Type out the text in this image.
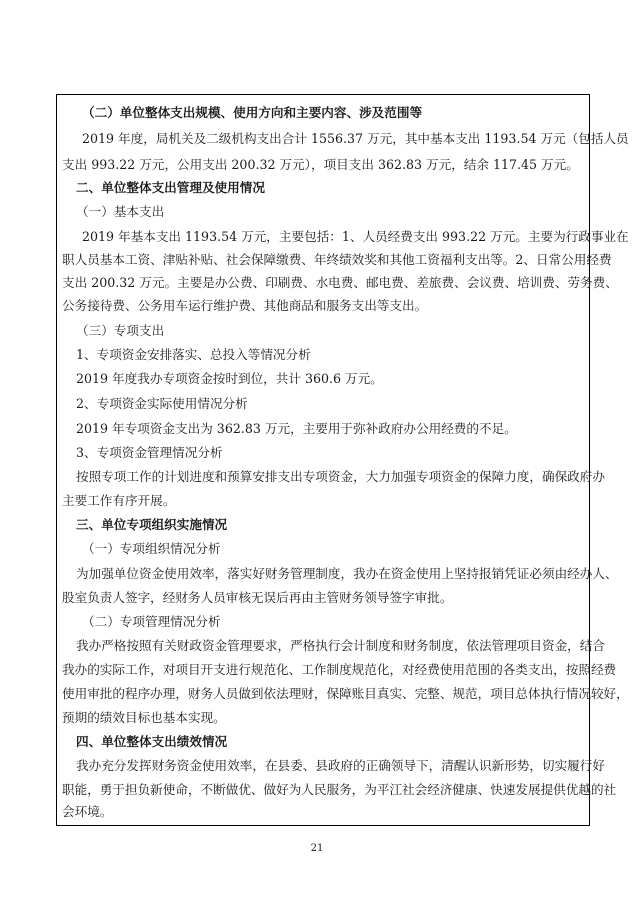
（二）单位整体支出规模、使用方向和主要内容、涉及范围等
2019 年度，局机关及二级机构支出合计 1556.37 万元，其中基本支出 1193.54 万元（包括人员
支出 993.22 万元，公用支出 200.32 万元），项目支出 362.83 万元，结余 117.45 万元。
二、单位整体支出管理及使用情况
（一）基本支出
2019 年基本支出 1193.54 万元，主要包括：1、人员经费支出 993.22 万元。主要为行政事业在
职人员基本工资、津贴补贴、社会保障缴费、年终绩效奖和其他工资福利支出等。2、日常公用经费
支出 200.32 万元。主要是办公费、印刷费、水电费、邮电费、差旅费、会议费、培训费、劳务费、
公务接待费、公务用车运行维护费、其他商品和服务支出等支出。
（三）专项支出
1、专项资金安排落实、总投入等情况分析
2019 年度我办专项资金按时到位，共计 360.6 万元。
2、专项资金实际使用情况分析
2019 年专项资金支出为 362.83 万元，主要用于弥补政府办公用经费的不足。
3、专项资金管理情况分析
按照专项工作的计划进度和预算安排支出专项资金，大力加强专项资金的保障力度，确保政府办
主要工作有序开展。
三、单位专项组织实施情况
（一）专项组织情况分析
为加强单位资金使用效率，落实好财务管理制度，我办在资金使用上坚持报销凭证必须由经办人、
股室负责人签字，经财务人员审核无误后再由主管财务领导签字审批。
（二）专项管理情况分析
我办严格按照有关财政资金管理要求，严格执行会计制度和财务制度，依法管理项目资金，结合
我办的实际工作，对项目开支进行规范化、工作制度规范化，对经费使用范围的各类支出，按照经费
使用审批的程序办理，财务人员做到依法理财，保障账目真实、完整、规范，项目总体执行情况较好，
预期的绩效目标也基本实现。
四、单位整体支出绩效情况
我办充分发挥财务资金使用效率，在县委、县政府的正确领导下，清醒认识新形势，切实履行好
职能，勇于担负新使命，不断做优、做好为人民服务，为平江社会经济健康、快速发展提供优越的社
会环境。
21
